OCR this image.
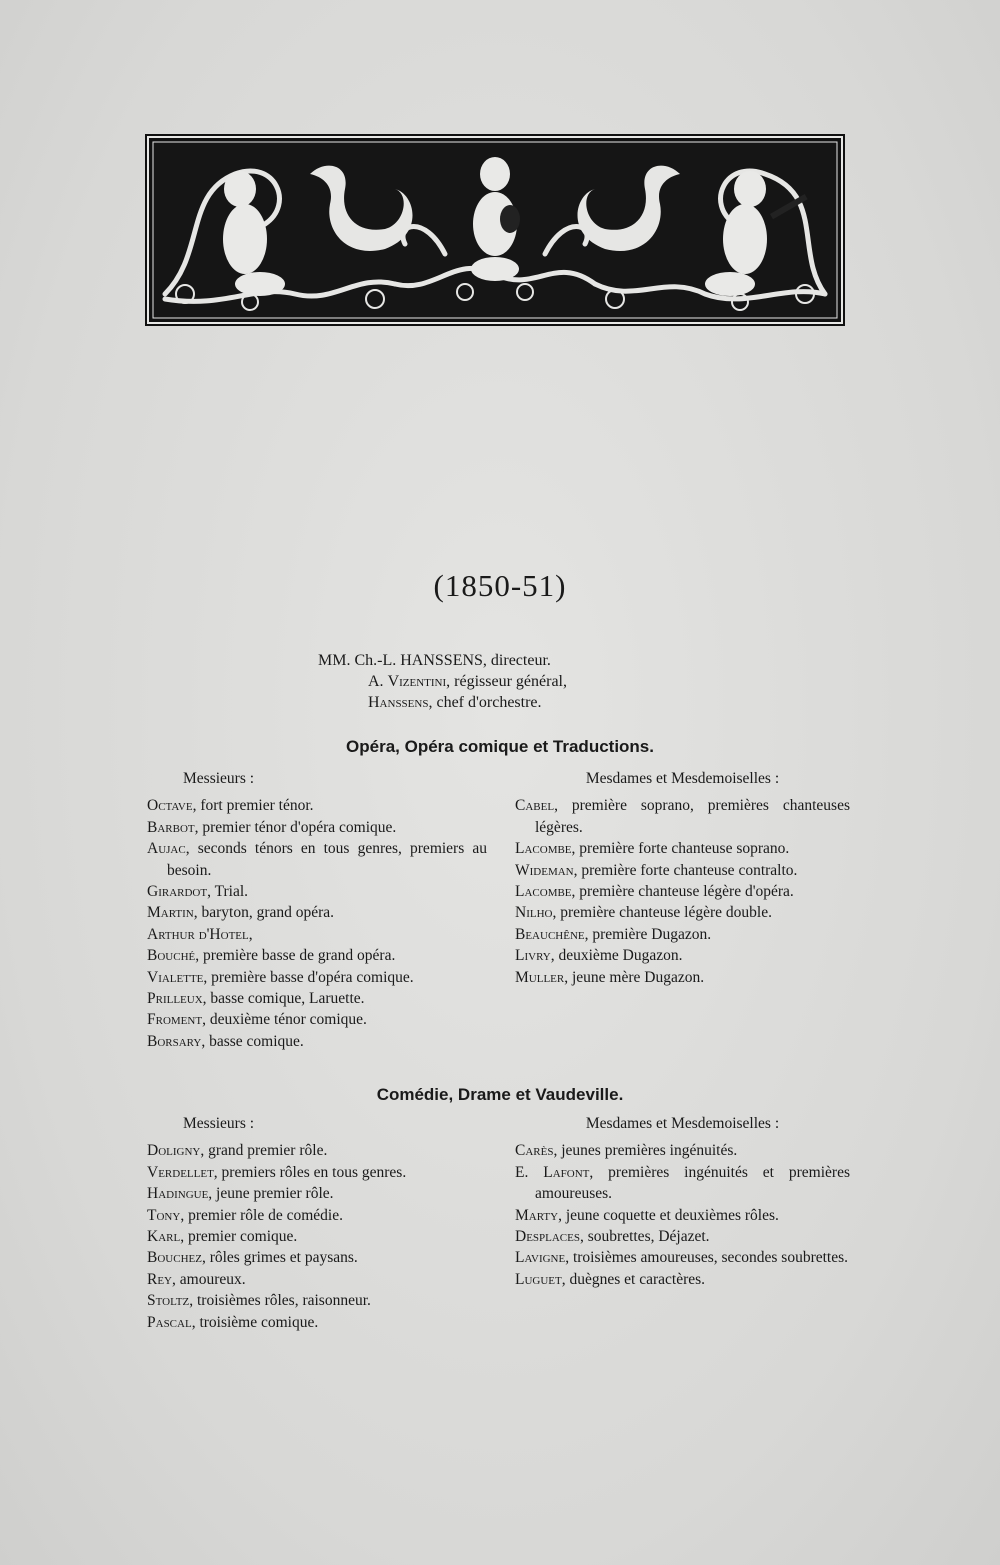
(1850-51)
MM. Ch.-L. HANSSENS, directeur.
A. Vizentini, régisseur général,
Hanssens, chef d'orchestre.
Opéra, Opéra comique et Traductions.
Messieurs :
Octave, fort premier ténor.
Barbot, premier ténor d'opéra comique.
Aujac, seconds ténors en tous genres, premiers au besoin.
Girardot, Trial.
Martin, baryton, grand opéra.
Arthur d'Hotel,
Bouché, première basse de grand opéra.
Vialette, première basse d'opéra comique.
Prilleux, basse comique, Laruette.
Froment, deuxième ténor comique.
Borsary, basse comique.
Mesdames et Mesdemoiselles :
Cabel, première soprano, premières chanteuses légères.
Lacombe, première forte chanteuse soprano.
Wideman, première forte chanteuse contralto.
Lacombe, première chanteuse légère d'opéra.
Nilho, première chanteuse légère double.
Beauchêne, première Dugazon.
Livry, deuxième Dugazon.
Muller, jeune mère Dugazon.
Comédie, Drame et Vaudeville.
Messieurs :
Doligny, grand premier rôle.
Verdellet, premiers rôles en tous genres.
Hadingue, jeune premier rôle.
Tony, premier rôle de comédie.
Karl, premier comique.
Bouchez, rôles grimes et paysans.
Rey, amoureux.
Stoltz, troisièmes rôles, raisonneur.
Pascal, troisième comique.
Mesdames et Mesdemoiselles :
Carès, jeunes premières ingénuités.
E. Lafont, premières ingénuités et premières amoureuses.
Marty, jeune coquette et deuxièmes rôles.
Desplaces, soubrettes, Déjazet.
Lavigne, troisièmes amoureuses, secondes soubrettes.
Luguet, duègnes et caractères.
